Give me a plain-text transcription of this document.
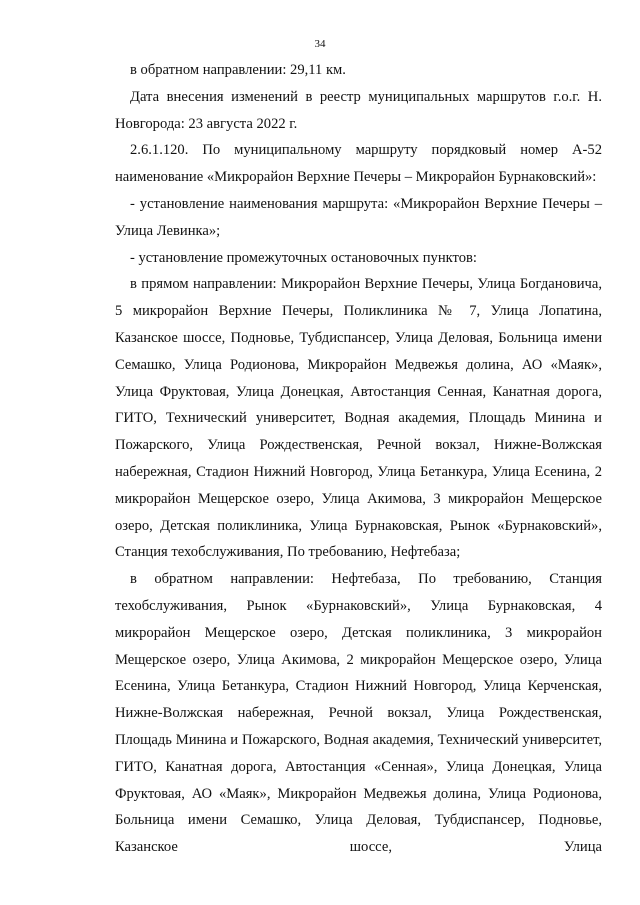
34

в обратном направлении: 29,11 км.

Дата внесения изменений в реестр муниципальных маршрутов г.о.г. Н. Новгорода: 23 августа 2022 г.

2.6.1.120. По муниципальному маршруту порядковый номер А-52 наименование «Микрорайон Верхние Печеры – Микрорайон Бурнаковский»:

- установление наименования маршрута: «Микрорайон Верхние Печеры – Улица Левинка»;

- установление промежуточных остановочных пунктов:

в прямом направлении: Микрорайон Верхние Печеры, Улица Богдановича, 5 микрорайон Верхние Печеры, Поликлиника № 7, Улица Лопатина, Казанское шоссе, Подновье, Тубдиспансер, Улица Деловая, Больница имени Семашко, Улица Родионова, Микрорайон Медвежья долина, АО «Маяк», Улица Фруктовая, Улица Донецкая, Автостанция Сенная, Канатная дорога, ГИТО, Технический университет, Водная академия, Площадь Минина и Пожарского, Улица Рождественская, Речной вокзал, Нижне-Волжская набережная, Стадион Нижний Новгород, Улица Бетанкура, Улица Есенина, 2 микрорайон Мещерское озеро, Улица Акимова, 3 микрорайон Мещерское озеро, Детская поликлиника, Улица Бурнаковская, Рынок «Бурнаковский», Станция техобслуживания, По требованию, Нефтебаза;

в обратном направлении: Нефтебаза, По требованию, Станция техобслуживания, Рынок «Бурнаковский», Улица Бурнаковская, 4 микрорайон Мещерское озеро, Детская поликлиника, 3 микрорайон Мещерское озеро, Улица Акимова, 2 микрорайон Мещерское озеро, Улица Есенина, Улица Бетанкура, Стадион Нижний Новгород, Улица Керченская, Нижне-Волжская набережная, Речной вокзал, Улица Рождественская, Площадь Минина и Пожарского, Водная академия, Технический университет, ГИТО, Канатная дорога, Автостанция «Сенная», Улица Донецкая, Улица Фруктовая, АО «Маяк», Микрорайон Медвежья долина, Улица Родионова, Больница имени Семашко, Улица Деловая, Тубдиспансер, Подновье, Казанское шоссе, Улица
